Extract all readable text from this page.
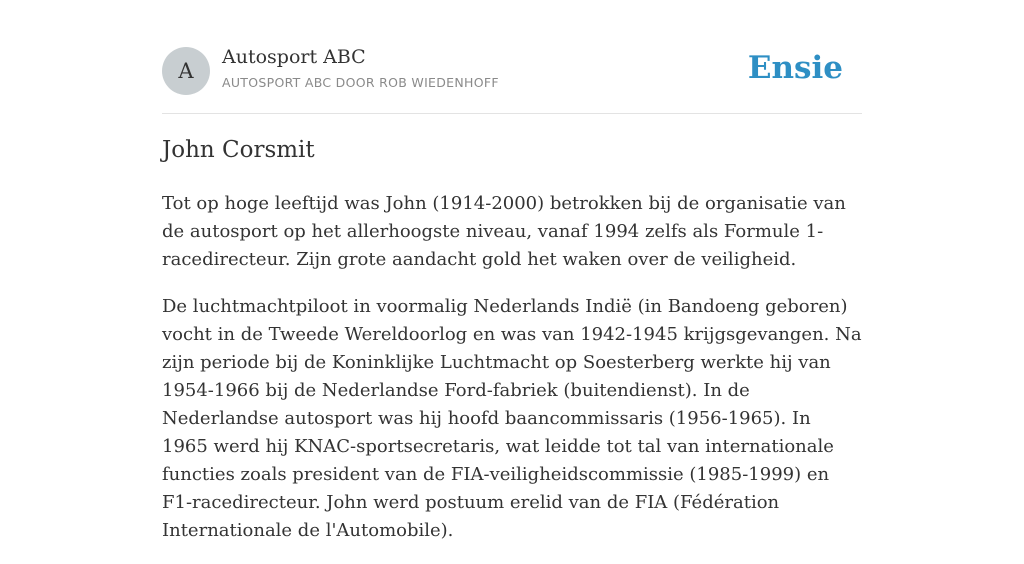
A
Autosport ABC
AUTOSPORT ABC DOOR ROB WIEDENHOFF	Ensie
John Corsmit

Tot op hoge leeftijd was John (1914-2000) betrokken bij de organisatie van de autosport op het allerhoogste niveau, vanaf 1994 zelfs als Formule 1-racedirecteur. Zijn grote aandacht gold het waken over de veiligheid.

De luchtmachtpiloot in voormalig Nederlands Indië (in Bandoeng geboren) vocht in de Tweede Wereldoorlog en was van 1942-1945 krijgsgevangen. Na zijn periode bij de Koninklijke Luchtmacht op Soesterberg werkte hij van 1954-1966 bij de Nederlandse Ford-fabriek (buitendienst). In de Nederlandse autosport was hij hoofd baancommissaris (1956-1965). In 1965 werd hij KNAC-sportsecretaris, wat leidde tot tal van internationale functies zoals president van de FIA-veiligheidscommissie (1985-1999) en F1-racedirecteur. John werd postuum erelid van de FIA (Fédération Internationale de l'Automobile).
